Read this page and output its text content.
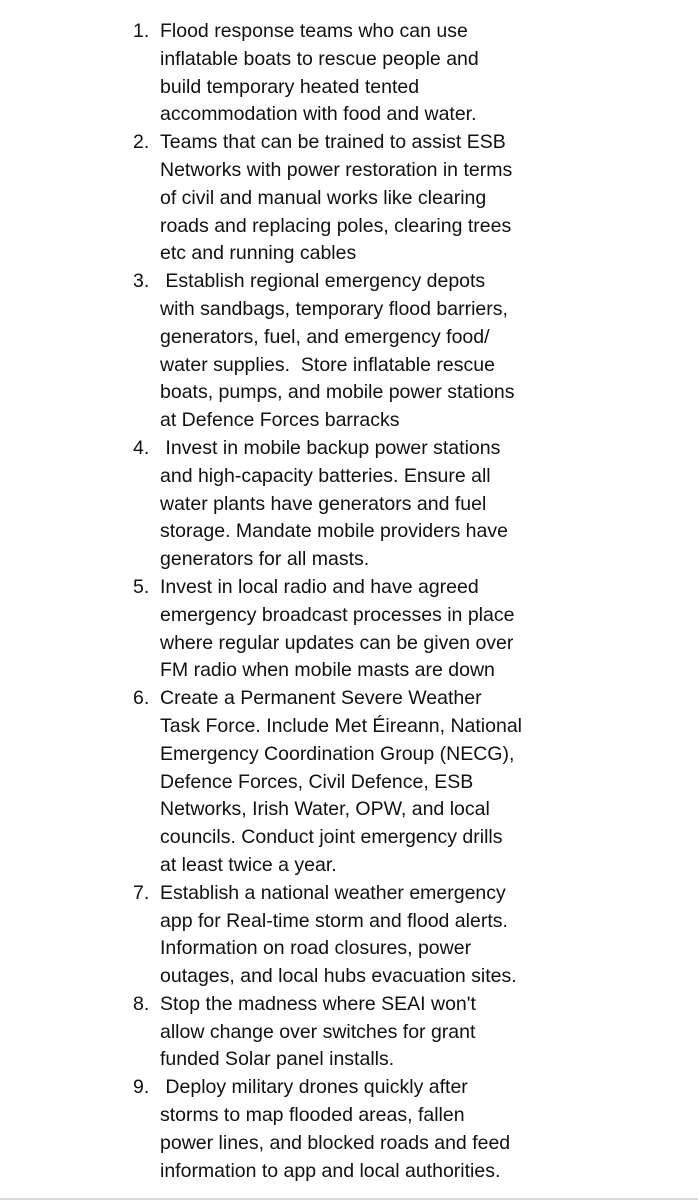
1. Flood response teams who can use
inflatable boats to rescue people and
build temporary heated tented
accommodation with food and water.
2. Teams that can be trained to assist ESB
Networks with power restoration in terms
of civil and manual works like clearing
roads and replacing poles, clearing trees
etc and running cables
3. Establish regional emergency depots
with sandbags, temporary flood barriers,
generators, fuel, and emergency food/
water supplies.  Store inflatable rescue
boats, pumps, and mobile power stations
at Defence Forces barracks
4. Invest in mobile backup power stations
and high-capacity batteries. Ensure all
water plants have generators and fuel
storage. Mandate mobile providers have
generators for all masts.
5. Invest in local radio and have agreed
emergency broadcast processes in place
where regular updates can be given over
FM radio when mobile masts are down
6. Create a Permanent Severe Weather
Task Force. Include Met Éireann, National
Emergency Coordination Group (NECG),
Defence Forces, Civil Defence, ESB
Networks, Irish Water, OPW, and local
councils. Conduct joint emergency drills
at least twice a year.
7. Establish a national weather emergency
app for Real-time storm and flood alerts.
Information on road closures, power
outages, and local hubs evacuation sites.
8. Stop the madness where SEAI won't
allow change over switches for grant
funded Solar panel installs.
9. Deploy military drones quickly after
storms to map flooded areas, fallen
power lines, and blocked roads and feed
information to app and local authorities.
